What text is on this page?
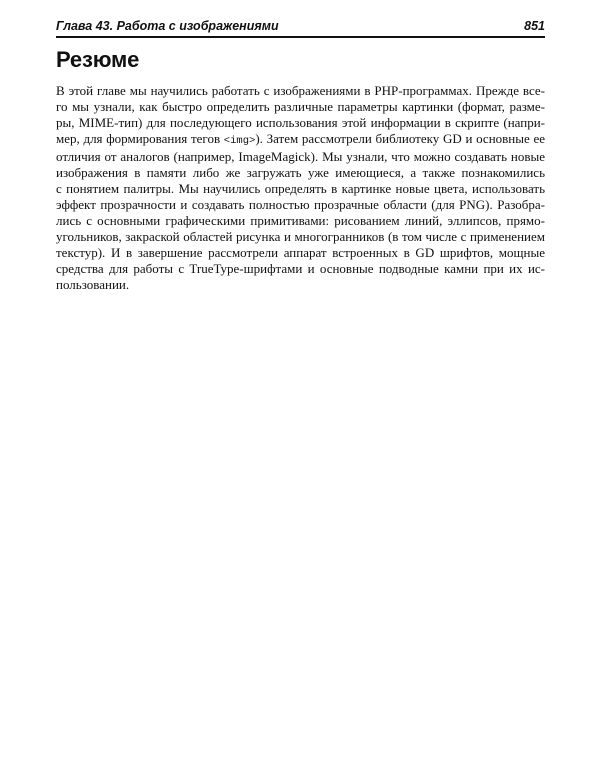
Глава 43. Работа с изображениями	851
Резюме
В этой главе мы научились работать с изображениями в PHP-программах. Прежде все-
го мы узнали, как быстро определить различные параметры картинки (формат, разме-
ры, MIME-тип) для последующего использования этой информации в скрипте (напри-
мер, для формирования тегов <img>). Затем рассмотрели библиотеку GD и основные ее
отличия от аналогов (например, ImageMagick). Мы узнали, что можно создавать новые
изображения в памяти либо же загружать уже имеющиеся, а также познакомились
с понятием палитры. Мы научились определять в картинке новые цвета, использовать
эффект прозрачности и создавать полностью прозрачные области (для PNG). Разобра-
лись с основными графическими примитивами: рисованием линий, эллипсов, прямо-
угольников, закраской областей рисунка и многогранников (в том числе с применением
текстур). И в завершение рассмотрели аппарат встроенных в GD шрифтов, мощные
средства для работы с TrueType-шрифтами и основные подводные камни при их ис-
пользовании.
